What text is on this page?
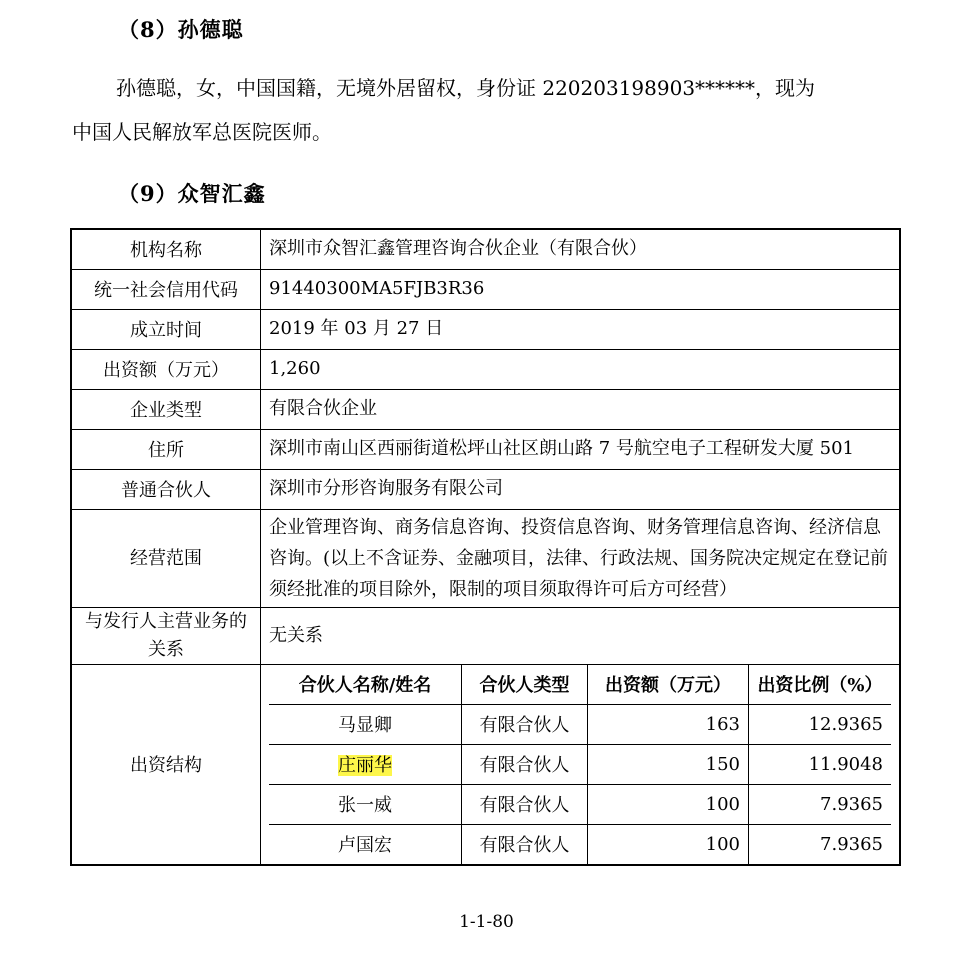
（8）孙德聪

孙德聪，女，中国国籍，无境外居留权，身份证 220203198903******，现为
中国人民解放军总医院医师。

（9）众智汇鑫
机构名称	深圳市众智汇鑫管理咨询合伙企业（有限合伙）
统一社会信用代码	91440300MA5FJB3R36
成立时间	2019 年 03 月 27 日
出资额（万元）	1,260
企业类型	有限合伙企业
住所	深圳市南山区西丽街道松坪山社区朗山路 7 号航空电子工程研发大厦 501
普通合伙人	深圳市分形咨询服务有限公司
经营范围	企业管理咨询、商务信息咨询、投资信息咨询、财务管理信息咨询、经济信息咨询。(以上不含证券、金融项目，法律、行政法规、国务院决定规定在登记前须经批准的项目除外，限制的项目须取得许可后方可经营）
与发行人主营业务的关系	无关系
出资结构	
合伙人名称/姓名	合伙人类型	出资额（万元）	出资比例（%）
马显卿	有限合伙人	163	12.9365
庄丽华	有限合伙人	150	11.9048
张一威	有限合伙人	100	7.9365
卢国宏	有限合伙人	100	7.9365
1-1-80
